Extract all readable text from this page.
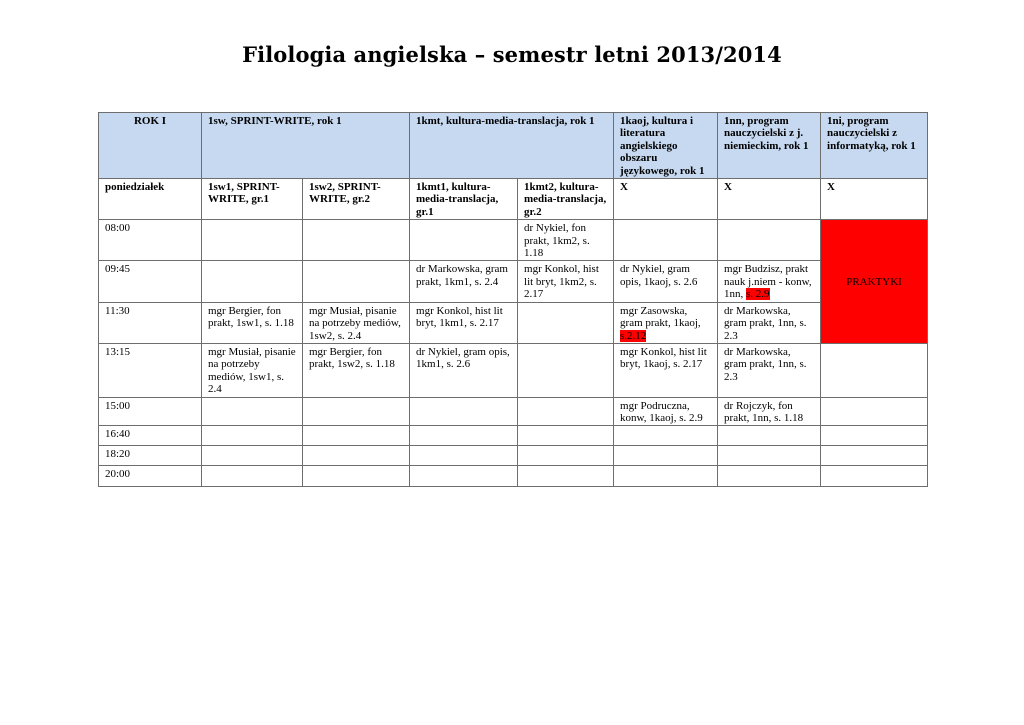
Filologia angielska – semestr letni 2013/2014
ROK I	1sw, SPRINT-WRITE, rok 1		1kmt, kultura-media-translacja, rok 1		1kaoj, kultura i literatura angielskiego obszaru językowego, rok 1	1nn, program nauczycielski z j. niemieckim, rok 1	1ni, program nauczycielski z informatyką, rok 1
poniedziałek	1sw1, SPRINT-WRITE, gr.1	1sw2, SPRINT-WRITE, gr.2	1kmt1, kultura-media-translacja, gr.1	1kmt2, kultura-media-translacja, gr.2	X	X	X
08:00				dr Nykiel, fon prakt, 1km2, s. 1.18			PRAKTYKI
09:45			dr Markowska, gram prakt, 1km1, s. 2.4	mgr Konkol, hist lit bryt, 1km2, s. 2.17	dr Nykiel, gram opis, 1kaoj, s. 2.6	mgr Budzisz, prakt nauk j.niem - konw, 1nn, s. 2.9	
11:30	mgr Bergier, fon prakt, 1sw1, s. 1.18	mgr Musiał, pisanie na potrzeby mediów, 1sw2, s. 2.4	mgr Konkol, hist lit bryt, 1km1, s. 2.17		mgr Zasowska, gram prakt, 1kaoj, s.2.12	dr Markowska, gram prakt, 1nn, s. 2.3	
13:15	mgr Musiał, pisanie na potrzeby mediów, 1sw1, s. 2.4	mgr Bergier, fon prakt, 1sw2, s. 1.18	dr Nykiel, gram opis, 1km1, s. 2.6		mgr Konkol, hist lit bryt, 1kaoj, s. 2.17	dr Markowska, gram prakt, 1nn, s. 2.3	
15:00					mgr Podruczna, konw, 1kaoj, s. 2.9	dr Rojczyk, fon prakt, 1nn, s. 1.18	
16:40							
18:20							
20:00							
